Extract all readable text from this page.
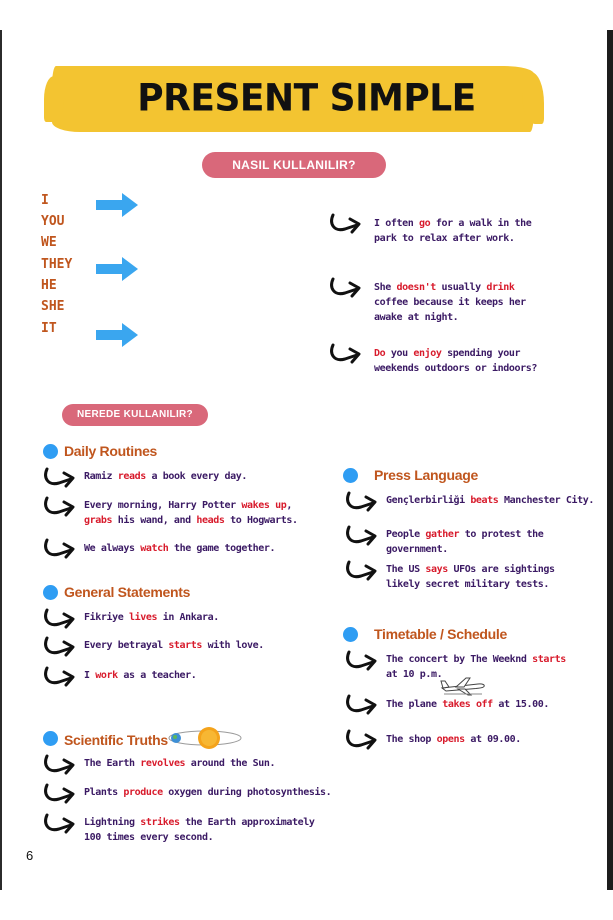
PRESENT SIMPLE
NASIL KULLANILIR?
I
YOU
WE
THEY
HE
SHE
IT
I often go for a walk in the
park to relax after work.
She doesn't usually drink
coffee because it keeps her
awake at night.
Do you enjoy spending your
weekends outdoors or indoors?
NEREDE KULLANILIR?
Daily Routines
Ramiz reads a book every day.
Every morning, Harry Potter wakes up,
grabs his wand, and heads to Hogwarts.
We always watch the game together.
General Statements
Fikriye lives in Ankara.
Every betrayal starts with love.
I work as a teacher.
Scientific Truths
The Earth revolves around the Sun.
Plants produce oxygen during photosynthesis.
Lightning strikes the Earth approximately
100 times every second.
Press Language
Gençlerbirliği beats Manchester City.
People gather to protest the
government.
The US says UFOs are sightings
likely secret military tests.
Timetable / Schedule
The concert by The Weeknd starts
at 10 p.m.
The plane takes off at 15.00.
The shop opens at 09.00.
6
